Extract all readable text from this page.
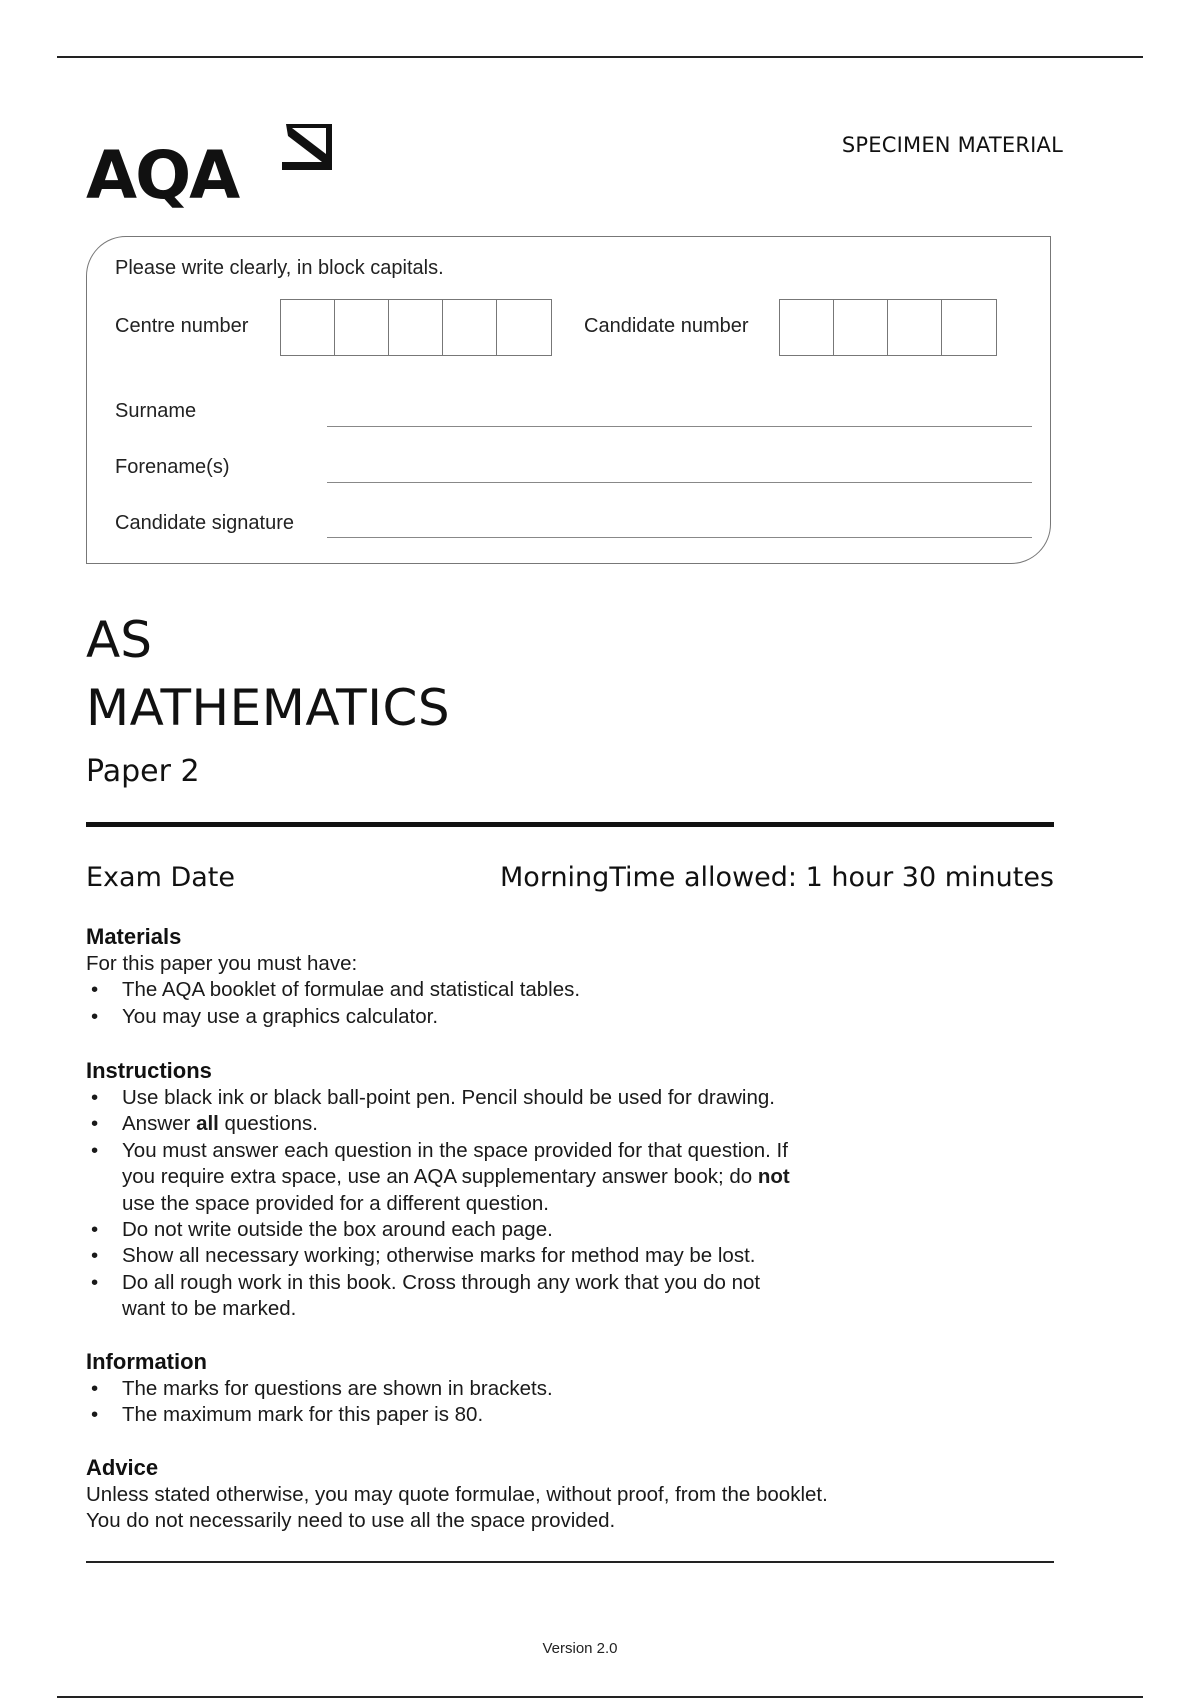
AQA	SPECIMEN MATERIAL
Please write clearly, in block capitals.
Centre number	Candidate number
Surname
Forename(s)
Candidate signature
AS
MATHEMATICS
Paper 2
Exam Date	Morning Time allowed: 1 hour 30 minutes
Materials
For this paper you must have:
• The AQA booklet of formulae and statistical tables.
• You may use a graphics calculator.
Instructions
• Use black ink or black ball-point pen. Pencil should be used for drawing.
• Answer all questions.
• You must answer each question in the space provided for that question. If you require extra space, use an AQA supplementary answer book; do not use the space provided for a different question.
• Do not write outside the box around each page.
• Show all necessary working; otherwise marks for method may be lost.
• Do all rough work in this book. Cross through any work that you do not want to be marked.
Information
• The marks for questions are shown in brackets.
• The maximum mark for this paper is 80.
Advice
Unless stated otherwise, you may quote formulae, without proof, from the booklet.
You do not necessarily need to use all the space provided.
Version 2.0
